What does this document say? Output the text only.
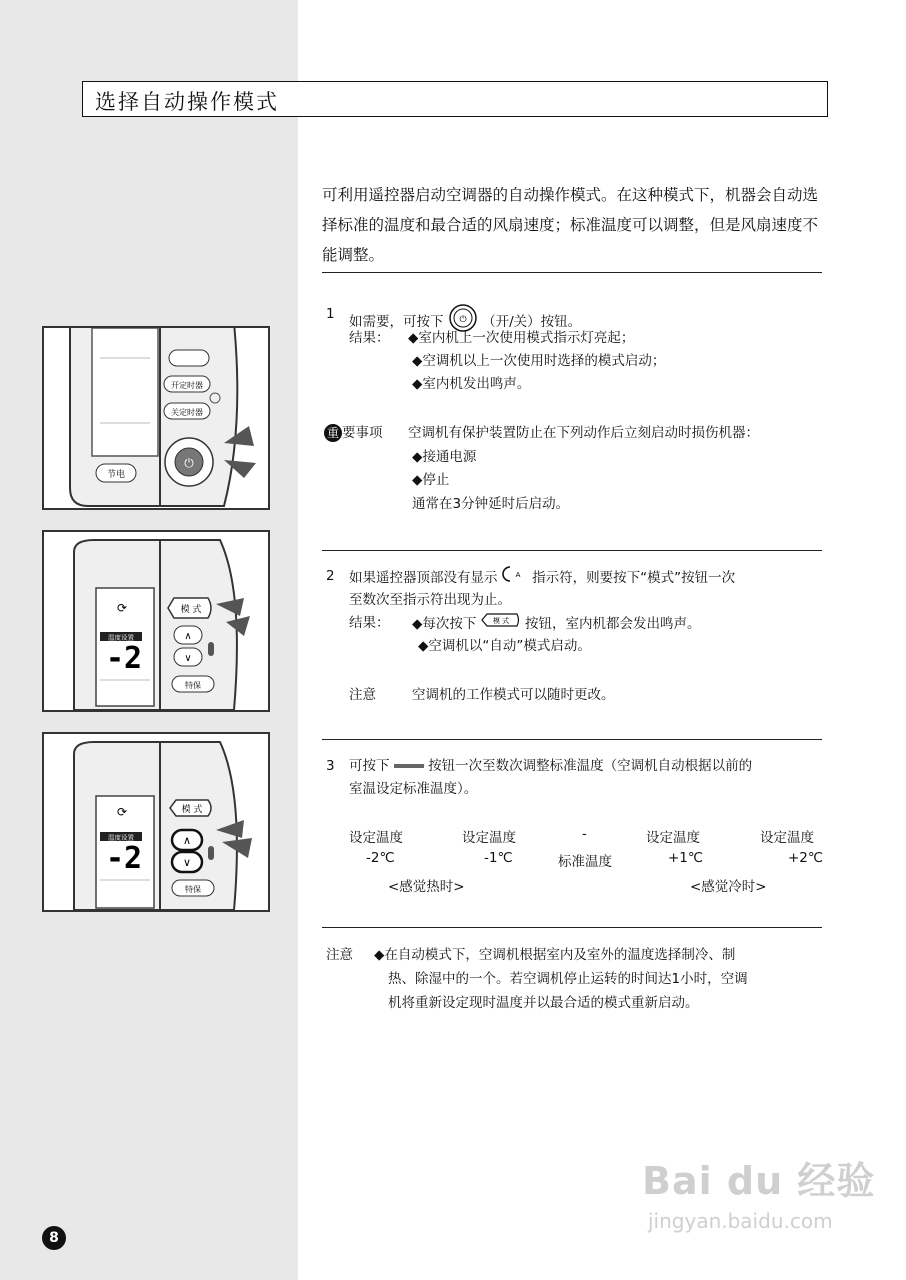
选择自动操作模式
可利用遥控器启动空调器的自动操作模式。在这种模式下，机器会自动选择标准的温度和最合适的风扇速度；标准温度可以调整，但是风扇速度不能调整。
1 如需要，可按下 ⏻ （开/关）按钮。
结果： ◆室内机上一次使用模式指示灯亮起；
◆空调机以上一次使用时选择的模式启动；
◆室内机发出鸣声。
重 要事项 空调机有保护装置防止在下列动作后立刻启动时损伤机器：
◆接通电源
◆停止
通常在3分钟延时后启动。
2 如果遥控器顶部没有显示	A 指示符，则要按下“模式”按钮一次
至数次至指示符出现为止。
结果： ◆每次按下 模 式 按钮，室内机都会发出鸣声。
◆空调机以“自动”模式启动。
注意	空调机的工作模式可以随时更改。
3 可按下	按钮一次至数次调整标准温度（空调机自动根据以前的
室温设定标准温度）。
设定温度	设定温度	-	设定温度	设定温度
-2℃	-1℃	标准温度	+1℃	+2℃
<感觉热时>	<感觉冷时>
注意 ◆在自动模式下，空调机根据室内及室外的温度选择制冷、制
热、除湿中的一个。若空调机停止运转的时间达1小时，空调
机将重新设定现时温度并以最合适的模式重新启动。
开定时器
关定时器
节电
⏻
⟳
温度设置
-2
模 式
∧
∨
特保
⟳
温度设置
-2
模 式
∧
∨
特保
8
Bai du 经验
jingyan.baidu.com
